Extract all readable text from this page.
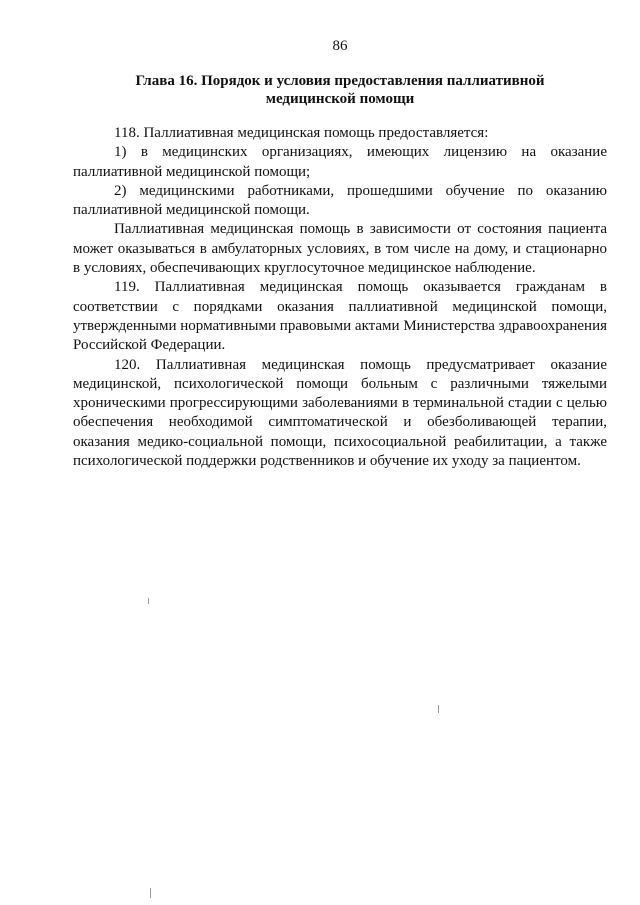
86
Глава 16. Порядок и условия предоставления паллиативной
медицинской помощи

118. Паллиативная медицинская помощь предоставляется:

1) в медицинских организациях, имеющих лицензию на оказание паллиативной медицинской помощи;

2) медицинскими работниками, прошедшими обучение по оказанию паллиативной медицинской помощи.

Паллиативная медицинская помощь в зависимости от состояния пациента может оказываться в амбулаторных условиях, в том числе на дому, и стационарно в условиях, обеспечивающих круглосуточное медицинское наблюдение.

119. Паллиативная медицинская помощь оказывается гражданам в соответствии с порядками оказания паллиативной медицинской помощи, утвержденными нормативными правовыми актами Министерства здравоохранения Российской Федерации.

120. Паллиативная медицинская помощь предусматривает оказание медицинской, психологической помощи больным с различными тяжелыми хроническими прогрессирующими заболеваниями в терминальной стадии с целью обеспечения необходимой симптоматической и обезболивающей терапии, оказания медико-социальной помощи, психосоциальной реабилитации, а также психологической поддержки родственников и обучение их уходу за пациентом.
